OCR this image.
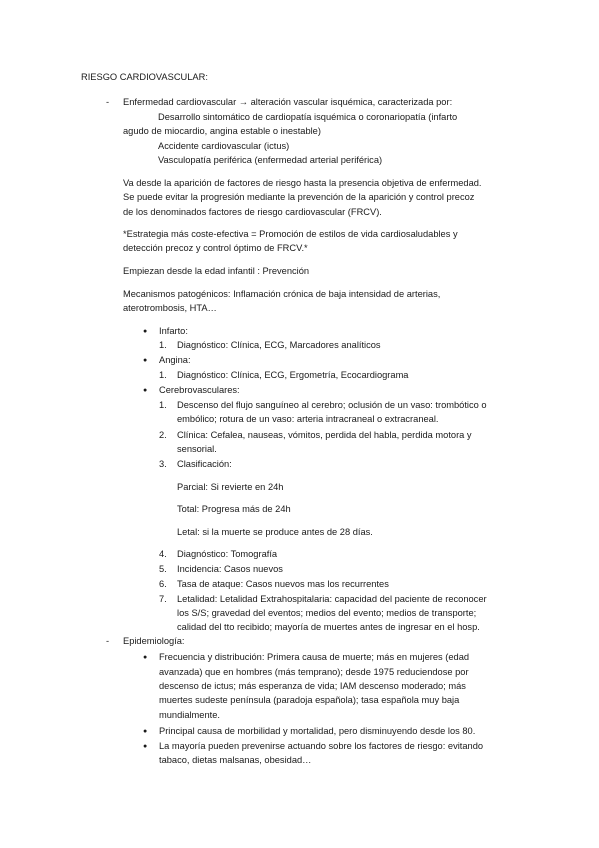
RIESGO CARDIOVASCULAR:
- Enfermedad cardiovascular → alteración vascular isquémica, caracterizada por:
Desarrollo sintomático de cardiopatía isquémica o coronariopatía (infarto
agudo de miocardio, angina estable o inestable)
Accidente cardiovascular (ictus)
Vasculopatía periférica (enfermedad arterial periférica)
Va desde la aparición de factores de riesgo hasta la presencia objetiva de enfermedad.
Se puede evitar la progresión mediante la prevención de la aparición y control precoz
de los denominados factores de riesgo cardiovascular (FRCV).
*Estrategia más coste-efectiva = Promoción de estilos de vida cardiosaludables y
detección precoz y control óptimo de FRCV.*
Empiezan desde la edad infantil : Prevención
Mecanismos patogénicos: Inflamación crónica de baja intensidad de arterias,
aterotrombosis, HTA…
● Infarto:
1. Diagnóstico: Clínica, ECG, Marcadores analíticos
● Angina:
1. Diagnóstico: Clínica, ECG, Ergometría, Ecocardiograma
● Cerebrovasculares:
1. Descenso del flujo sanguíneo al cerebro; oclusión de un vaso: trombótico o
embólico; rotura de un vaso: arteria intracraneal o extracraneal.
2. Clínica: Cefalea, nauseas, vómitos, perdida del habla, perdida motora y
sensorial.
3. Clasificación:
Parcial: Si revierte en 24h
Total: Progresa más de 24h
Letal: si la muerte se produce antes de 28 días.
4. Diagnóstico: Tomografía
5. Incidencia: Casos nuevos
6. Tasa de ataque: Casos nuevos mas los recurrentes
7. Letalidad: Letalidad Extrahospitalaria: capacidad del paciente de reconocer
los S/S; gravedad del eventos; medios del evento; medios de transporte;
calidad del tto recibido; mayoría de muertes antes de ingresar en el hosp.
- Epidemiología:
● Frecuencia y distribución: Primera causa de muerte; más en mujeres (edad
avanzada) que en hombres (más temprano); desde 1975 reduciendose por
descenso de ictus; más esperanza de vida; IAM descenso moderado; más
muertes sudeste península (paradoja española); tasa española muy baja
mundialmente.
● Principal causa de morbilidad y mortalidad, pero disminuyendo desde los 80.
● La mayoría pueden prevenirse actuando sobre los factores de riesgo: evitando
tabaco, dietas malsanas, obesidad…
